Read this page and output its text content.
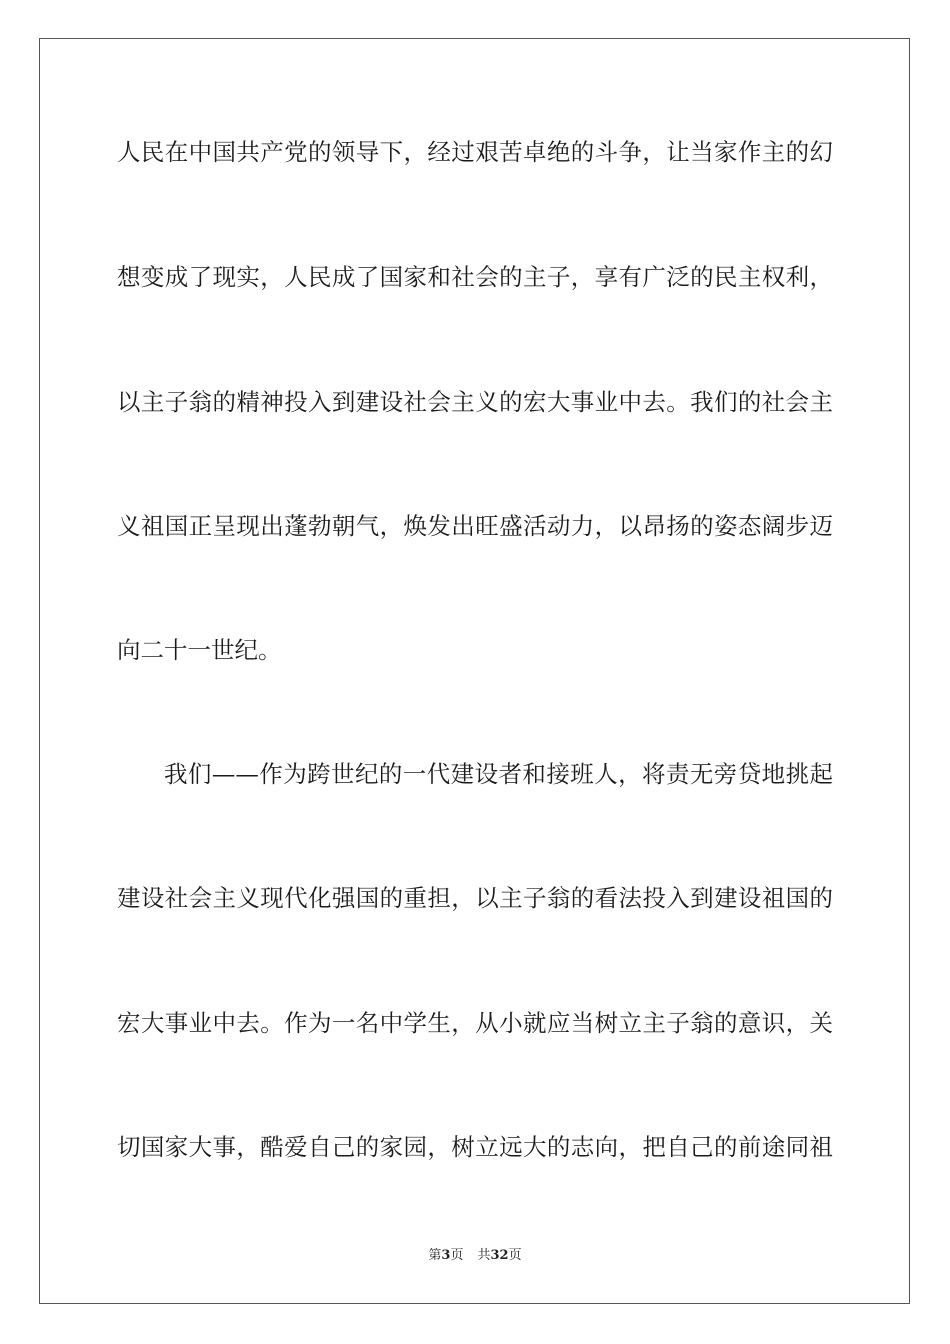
人民在中国共产党的领导下，经过艰苦卓绝的斗争，让当家作主的幻
想变成了现实，人民成了国家和社会的主子，享有广泛的民主权利，
以主子翁的精神投入到建设社会主义的宏大事业中去。我们的社会主
义祖国正呈现出蓬勃朝气，焕发出旺盛活动力，以昂扬的姿态阔步迈
向二十一世纪。
我们——作为跨世纪的一代建设者和接班人，将责无旁贷地挑起
建设社会主义现代化强国的重担，以主子翁的看法投入到建设祖国的
宏大事业中去。作为一名中学生，从小就应当树立主子翁的意识，关
切国家大事，酷爱自己的家园，树立远大的志向，把自己的前途同祖
第3页 共32页
